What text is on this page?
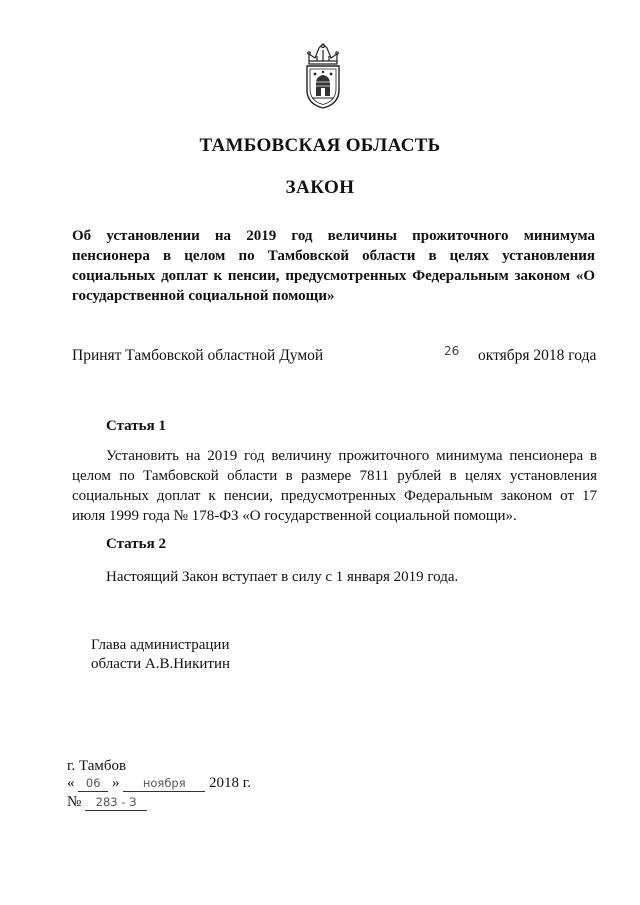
ТАМБОВСКАЯ ОБЛАСТЬ
ЗАКОН
Об установлении на 2019 год величины прожиточного минимума пенсионера в целом по Тамбовской области в целях установления социальных доплат к пенсии, предусмотренных Федеральным законом «О государственной социальной помощи»
Принят Тамбовской областной Думой	26 октября 2018 года
Статья 1
Установить на 2019 год величину прожиточного минимума пенсионера в целом по Тамбовской области в размере 7811 рублей в целях установления социальных доплат к пенсии, предусмотренных Федеральным законом от 17 июля 1999 года № 178-ФЗ «О государственной социальной помощи».
Статья 2
Настоящий Закон вступает в силу с 1 января 2019 года.
Глава администрации
области А.В.Никитин
г. Тамбов
« 06 » ноября 2018 г.
№ 283 - З
